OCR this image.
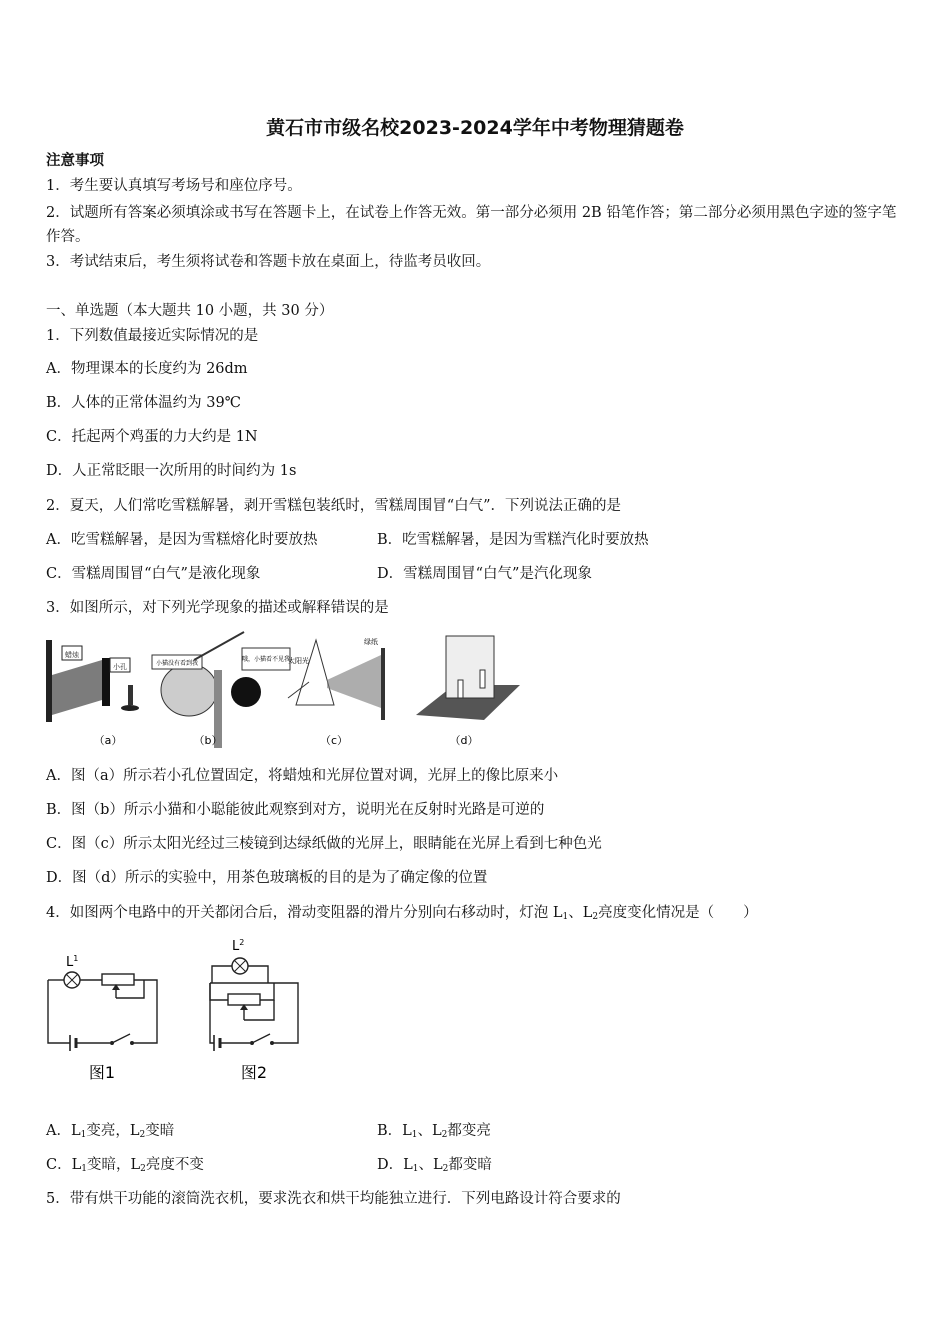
黄石市市级名校2023-2024学年中考物理猜题卷
注意事项
1．考生要认真填写考场号和座位序号。
2．试题所有答案必须填涂或书写在答题卡上，在试卷上作答无效。第一部分必须用 2B 铅笔作答；第二部分必须用黑色字迹的签字笔作答。
3．考试结束后，考生须将试卷和答题卡放在桌面上，待监考员收回。
一、单选题（本大题共 10 小题，共 30 分）
1．下列数值最接近实际情况的是
A．物理课本的长度约为 26dm
B．人体的正常体温约为 39℃
C．托起两个鸡蛋的力大约是 1N
D．人正常眨眼一次所用的时间约为 1s
2．夏天，人们常吃雪糕解暑，剥开雪糕包装纸时，雪糕周围冒“白气”．下列说法正确的是
A．吃雪糕解暑，是因为雪糕熔化时要放热	B．吃雪糕解暑，是因为雪糕汽化时要放热
C．雪糕周围冒“白气”是液化现象	D．雪糕周围冒“白气”是汽化现象
3．如图所示，对下列光学现象的描述或解释错误的是
蜡烛
小孔
（a）
小猫没有看到我
哦，小猫看不见我
（b）
太阳光
绿纸
（c）	（d）
A．图（a）所示若小孔位置固定，将蜡烛和光屏位置对调，光屏上的像比原来小
B．图（b）所示小猫和小聪能彼此观察到对方，说明光在反射时光路是可逆的
C．图（c）所示太阳光经过三棱镜到达绿纸做的光屏上，眼睛能在光屏上看到七种色光
D．图（d）所示的实验中，用茶色玻璃板的目的是为了确定像的位置
4．如图两个电路中的开关都闭合后，滑动变阻器的滑片分别向右移动时，灯泡 $L_1$、$L_2$亮度变化情况是（　　）
$L^1$
图1
$L^2$
图2
A．$L_1$变亮，$L_2$变暗	B．$L_1$、$L_2$都变亮
C．$L_1$变暗，$L_2$亮度不变	D．$L_1$、$L_2$都变暗
5．带有烘干功能的滚筒洗衣机，要求洗衣和烘干均能独立进行．下列电路设计符合要求的
